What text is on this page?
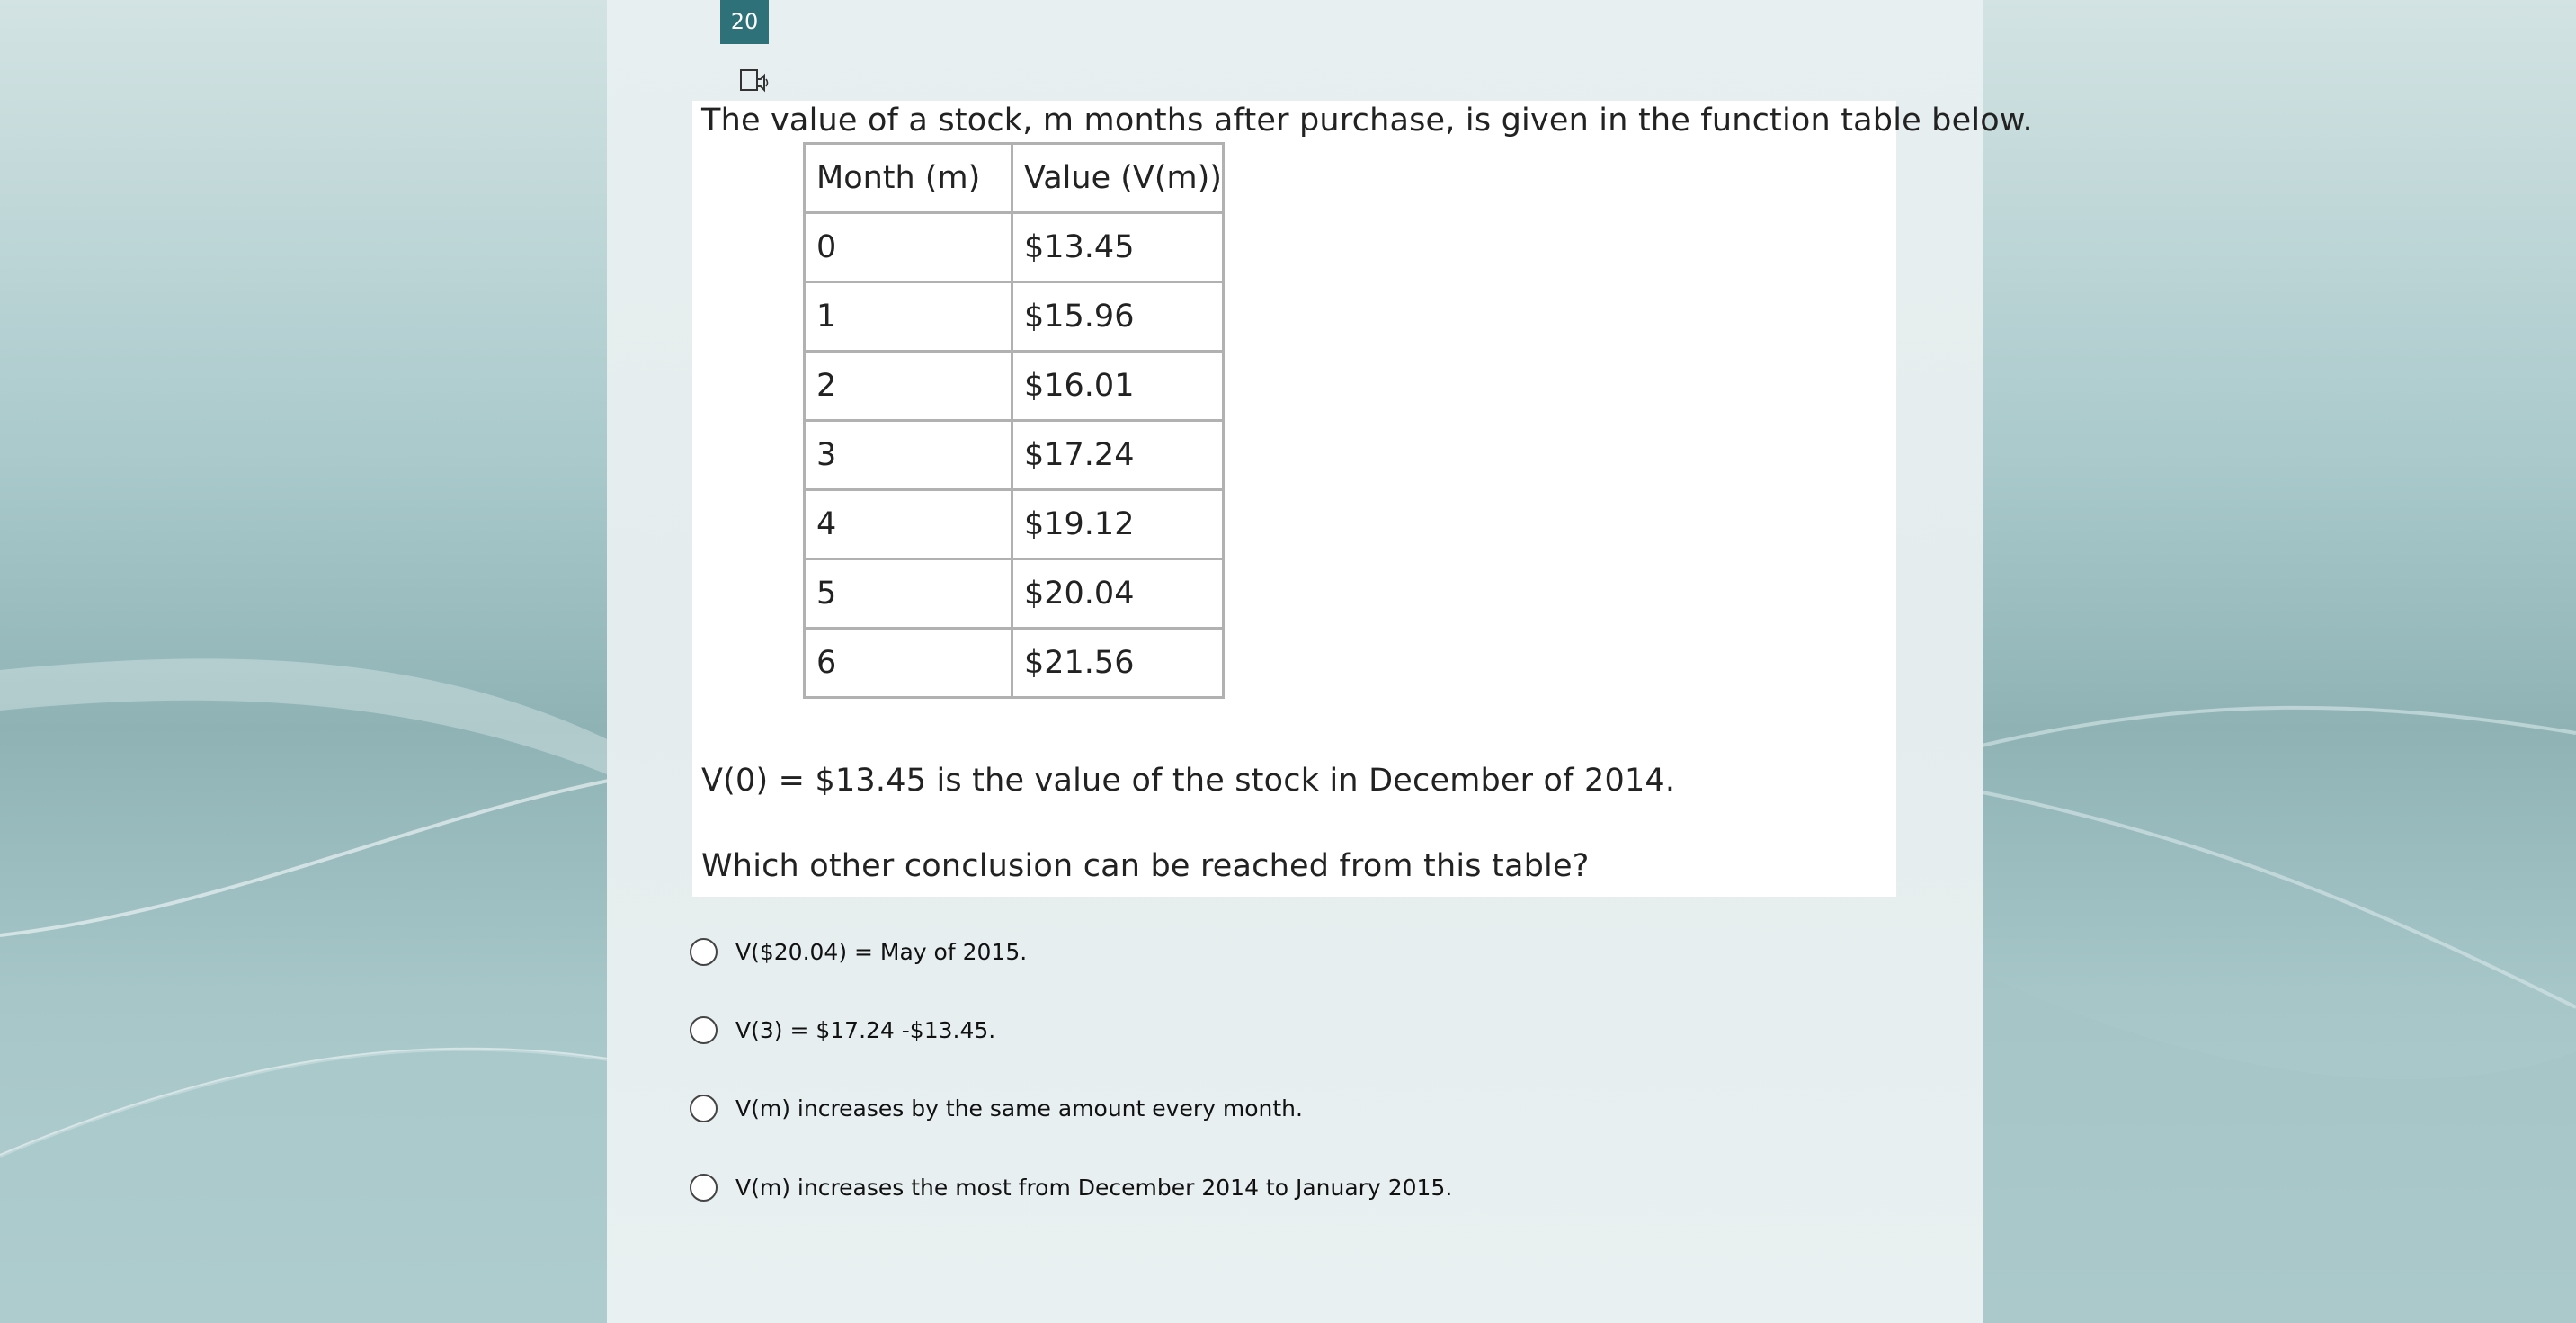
20
The value of a stock, m months after purchase, is given in the function table below.
Month (m)	Value (V(m))
0	$13.45
1	$15.96
2	$16.01
3	$17.24
4	$19.12
5	$20.04
6	$21.56
V(0) = $13.45 is the value of the stock in December of 2014.
Which other conclusion can be reached from this table?
V($20.04) = May of 2015.
V(3) = $17.24 -$13.45.
V(m) increases by the same amount every month.
V(m) increases the most from December 2014 to January 2015.
